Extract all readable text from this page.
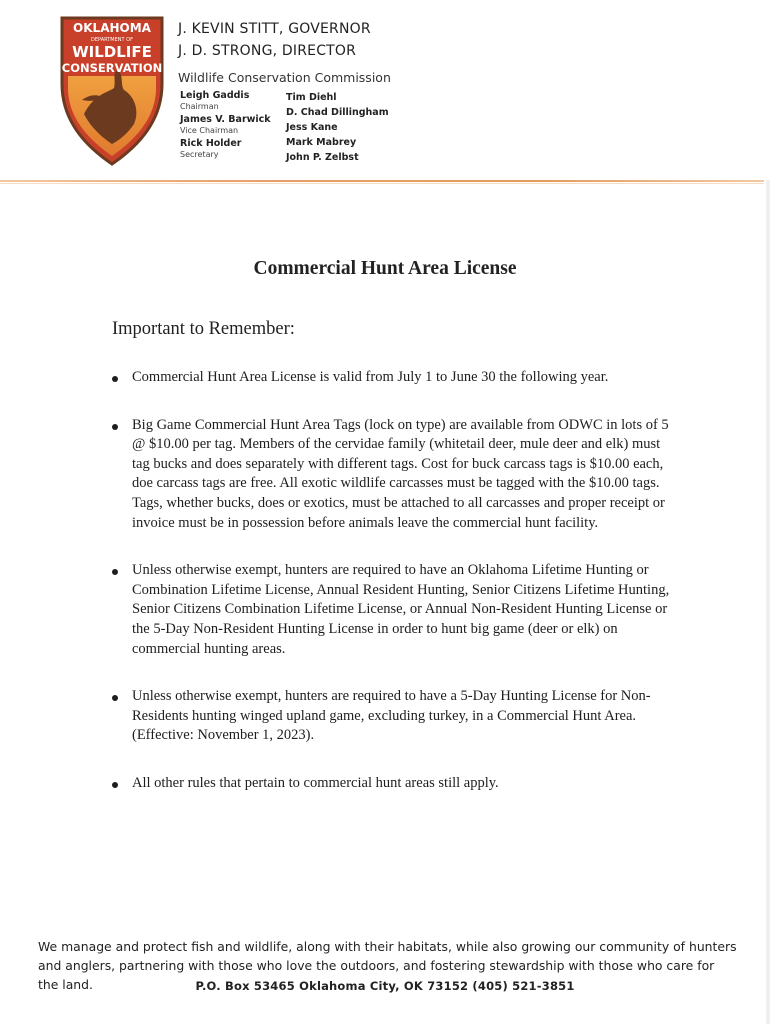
OKLAHOMA
DEPARTMENT OF
WILDLIFE
CONSERVATION
J. KEVIN STITT, GOVERNOR
J. D. STRONG, DIRECTOR
Wildlife Conservation Commission
Leigh Gaddis
Chairman
James V. Barwick
Vice Chairman
Rick Holder
Secretary
Tim Diehl
D. Chad Dillingham
Jess Kane
Mark Mabrey
John P. Zelbst
Commercial Hunt Area License
Important to Remember:
Commercial Hunt Area License is valid from July 1 to June 30 the following year.
Big Game Commercial Hunt Area Tags (lock on type) are available from ODWC in lots of 5 @ $10.00 per tag. Members of the cervidae family (whitetail deer, mule deer and elk) must tag bucks and does separately with different tags. Cost for buck carcass tags is $10.00 each, doe carcass tags are free. All exotic wildlife carcasses must be tagged with the $10.00 tags. Tags, whether bucks, does or exotics, must be attached to all carcasses and proper receipt or invoice must be in possession before animals leave the commercial hunt facility.
Unless otherwise exempt, hunters are required to have an Oklahoma Lifetime Hunting or Combination Lifetime License, Annual Resident Hunting, Senior Citizens Lifetime Hunting, Senior Citizens Combination Lifetime License, or Annual Non-Resident Hunting License or the 5-Day Non-Resident Hunting License in order to hunt big game (deer or elk) on commercial hunting areas.
Unless otherwise exempt, hunters are required to have a 5-Day Hunting License for Non-Residents hunting winged upland game, excluding turkey, in a Commercial Hunt Area. (Effective: November 1, 2023).
All other rules that pertain to commercial hunt areas still apply.
We manage and protect fish and wildlife, along with their habitats, while also growing our community of hunters and anglers, partnering with those who love the outdoors, and fostering stewardship with those who care for the land.	P.O. Box 53465 Oklahoma City, OK 73152 (405) 521-3851
